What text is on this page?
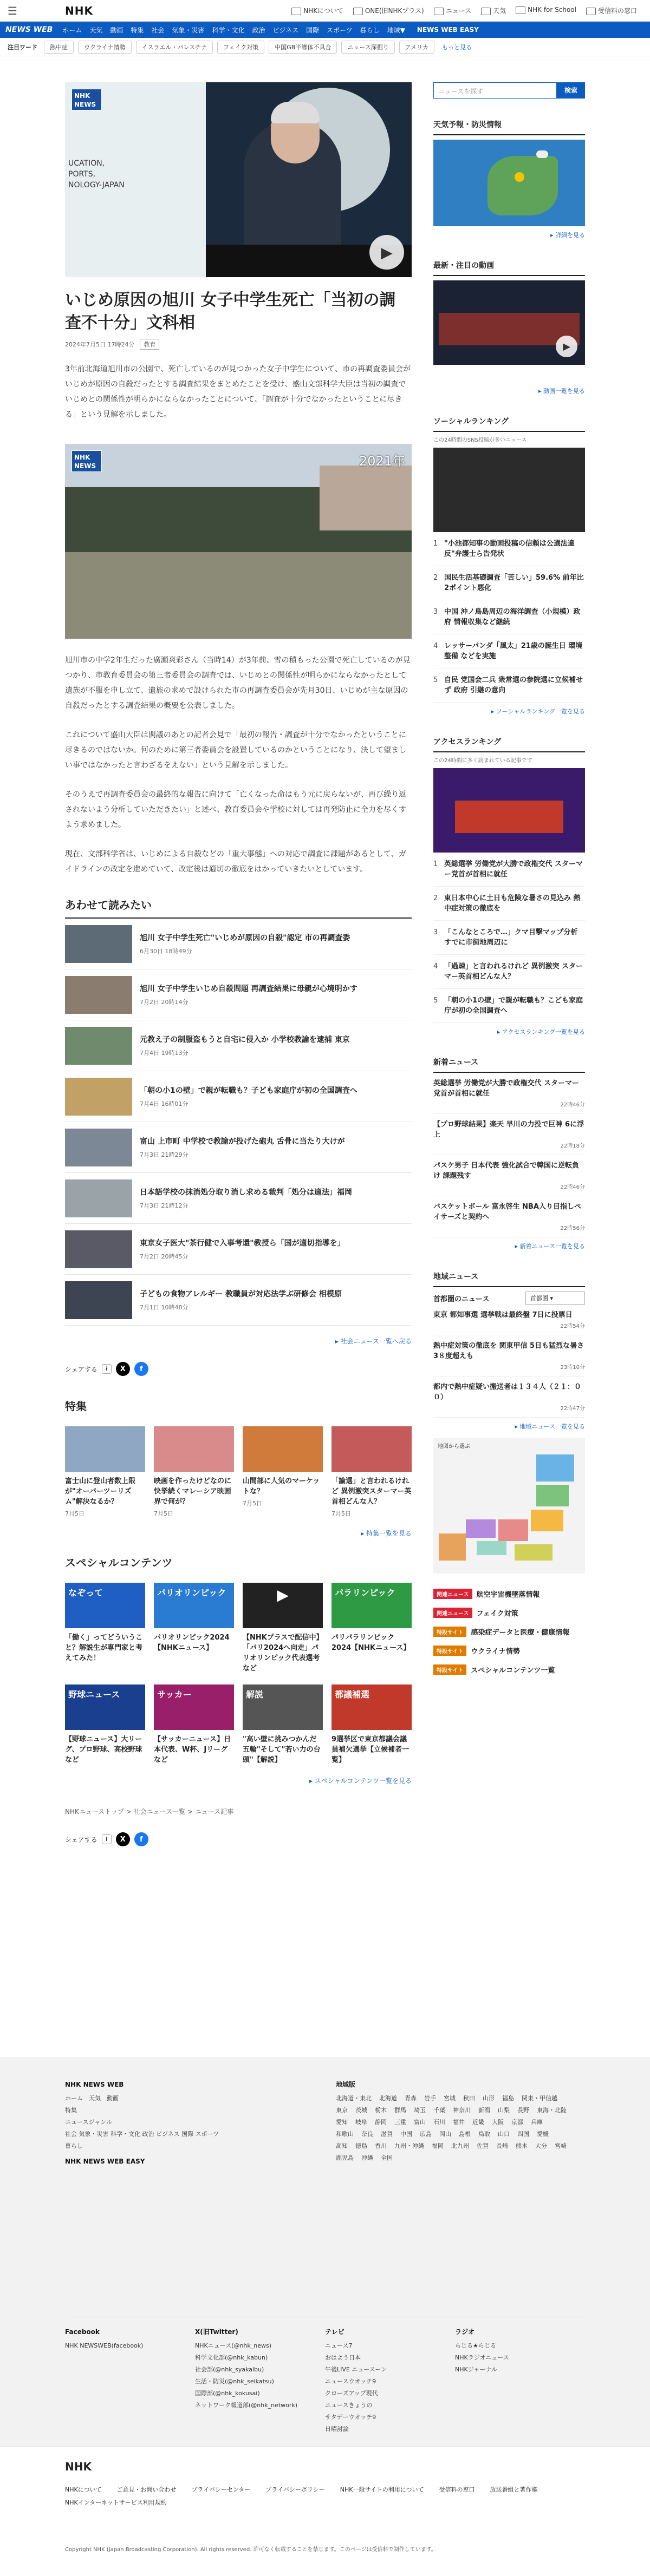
☰	NHK	NHKについて	ONE(旧NHKプラス)	ニュース	天気	NHK for School	受信料の窓口
NEWS WEB ホーム 天気 動画 特集 社会 気象・災害 科学・文化 政治 ビジネス 国際 スポーツ 暮らし 地域▼ NEWS WEB EASY
注目ワード	熱中症	ウクライナ情勢	イスラエル・パレスチナ	フェイク対策	中国GB半導体不具合	ニュース深掘り	アメリカ	もっと見る
UCATION,
PORTS,
NOLOGY-JAPAN
NHK
NEWS
▶
いじめ原因の旭川 女子中学生死亡「当初の調査不十分」文科相
2024年7月5日 17時24分	教育

3年前北海道旭川市の公園で、死亡しているのが見つかった女子中学生について、市の再調査委員会がいじめが原因の自殺だったとする調査結果をまとめたことを受け、盛山文部科学大臣は当初の調査でいじめとの関係性が明らかにならなかったことについて、「調査が十分でなかったということに尽きる」という見解を示しました。

NHK
NEWS	2021年

旭川市の中学2年生だった廣瀬爽彩さん（当時14）が3年前、雪の積もった公園で死亡しているのが見つかり、市教育委員会の第三者委員会の調査では、いじめとの関係性が明らかにならなかったとして遺族が不服を申し立て、遺族の求めで設けられた市の再調査委員会が先月30日、いじめが主な原因の自殺だったとする調査結果の概要を公表しました。

これについて盛山大臣は閣議のあとの記者会見で「最初の報告・調査が十分でなかったということに尽きるのではないか。何のために第三者委員会を設置しているのかということになり、決して望ましい事ではなかったと言わざるをえない」という見解を示しました。

そのうえで再調査委員会の最終的な報告に向けて「亡くなった命はもう元に戻らないが、再び繰り返されないよう分析していただきたい」と述べ、教育委員会や学校に対しては再発防止に全力を尽くすよう求めました。

現在、文部科学省は、いじめによる自殺などの「重大事態」への対応で調査に課題があるとして、ガイドラインの改定を進めていて、改定後は適切の徹底をはかっていきたいとしています。

あわせて読みたい
旭川 女子中学生死亡"いじめが原因の自殺"認定 市の再調査委
6月30日 18時49分
旭川 女子中学生いじめ自殺問題 再調査結果に母親が心境明かす
7月2日 20時14分
元教え子の制服盗もうと自宅に侵入か 小学校教諭を逮捕 東京
7月4日 19時13分
「朝の小1の壁」で親が転職も？子ども家庭庁が初の全国調査へ
7月4日 16時01分
富山 上市町 中学校で教諭が投げた砲丸 舌骨に当たり大けが
7月3日 21時29分
日本語学校の抹消処分取り消し求める裁判「処分は適法」福岡
7月3日 21時12分
東京女子医大"茶行健で入事考還"教授ら「国が適切指導を」
7月2日 20時45分
子どもの食物アレルギー 教職員が対応法学ぶ研修会 相模原
7月1日 10時48分
▸ 社会ニュース一覧へ戻る
シェアする	i	X	f
特集
富士山に登山者数上限が"オーバーツーリズム"解決なるか？
7月5日
映画を作ったけどなのに 快挙続くマレーシア映画界で何が？
7月5日
山間部に人気のマーケットな？
7月5日
「論選」と言われるけれど 異例激突スターマー英首相どんな人？
7月5日
▸ 特集一覧を見る
スペシャルコンテンツ
なぞって
「働く」ってどういうこと？解説生が専門家と考えてみた！
パリオリンピック
パリオリンピック2024【NHKニュース】
▶
【NHKプラスで配信中】「パリ2024へ向走」パリオリンピック代表選考など
パラリンピック
パリパラリンピック2024【NHKニュース】
野球ニュース
【野球ニュース】大リーグ、プロ野球、高校野球など
サッカー
【サッカーニュース】日本代表、W杯、Jリーグなど
解説
"高い壁に挑みつかんだ五輪"そして"若い力の台頭"【解説】
都議補選
9選挙区で東京都議会議員補欠選挙【立候補者一覧】
▸ スペシャルコンテンツ一覧を見る
NHKニューストップ > 社会ニュース一覧 > ニュース記事
シェアする	i	X	f
ニュースを探す	検索
天気予報・防災情報
▸ 詳細を見る
最新・注目の動画
▶
▸ 動画一覧を見る
ソーシャルランキング
この24時間のSNS投稿が多いニュース
1 "小池都知事の動画投稿の信頼は公選法違反"弁護士ら告発状
2 国民生活基礎調査「苦しい」59.6% 前年比2ポイント悪化
3 中国 沖ノ鳥島周辺の海洋調査（小規模）政府 情報収集など継続
4 レッサーパンダ「風太」21歳の誕生日 環境整備 などを実施
5 自民 党国会二兵 衆常選の参院選に立候補せず 政府 引継の意向
▸ ソーシャルランキング一覧を見る
アクセスランキング
この24時間に多く読まれている記事です
1 英総選挙 労働党が大勝で政権交代 スターマー党首が首相に就任
2 東日本中心に土日も危険な暑さの見込み 熱中症対策の徹底を
3 「こんなところで…」クマ目撃マップ分析 すでに市街地周辺に
4 「過疎」と言われるけれど 異例激突 スターマー英首相どんな人？
5 「朝の小1の壁」で親が転職も？こども家庭庁が初の全国調査へ
▸ アクセスランキング一覧を見る
新着ニュース
英総選挙 労働党が大勝で政権交代 スターマー党首が首相に就任
22時46分
【プロ野球結果】楽天 早川の力投で巨神 6に浮上
22時18分
パスケ男子 日本代表 強化試合で韓国に逆転負け 課題残す
22時46分
バスケットボール 富永啓生 NBA入り目指しペイサーズと契約へ
22時56分
▸ 新着ニュース一覧を見る
地域ニュース
首都圏のニュース	首都圏 ▾
東京 都知事選 選挙戦は最終盤 7日に投票日
22時54分
熱中症対策の徹底を 関東甲信 5日も猛烈な暑さ 3８度超えも
23時10分
都内で熱中症疑い搬送者は１３４人（２１：００）
22時47分
▸ 地域ニュース一覧を見る
地図から選ぶ
関連ニュース	航空宇宙機墜落情報
関連ニュース	フェイク対策
特設サイト	感染症データと医療・健康情報
特設サイト	ウクライナ情勢
特設サイト	スペシャルコンテンツ一覧
NHK NEWS WEB
ホーム　 天気　 動画
特集
ニュースジャンル
社会 気象・災害 科学・文化 政治 ビジネス 国際 スポーツ
暮らし

NHK NEWS WEB EASY
地域版
北海道・東北 北海道 青森 岩手 宮城 秋田 山形 福島 関東・甲信越東京 茨城 栃木 群馬 埼玉 千葉 神奈川 新潟 山梨 長野 東海・北陸愛知 岐阜 静岡 三重 富山 石川 福井 近畿 大阪 京都 兵庫和歌山 奈良 滋賀 中国 広島 岡山 島根 鳥取 山口 四国 愛媛高知 徳島 香川 九州・沖縄 福岡 北九州 佐賀 長崎 熊本 大分 宮崎鹿児島 沖縄 全国
Facebook
NHK NEWSWEB(facebook)
X(旧Twitter)
NHKニュース(@nhk_news)
科学文化部(@nhk_kabun)
社会部(@nhk_syakaibu)
生活・防災(@nhk_seikatsu)
国際部(@nhk_kokusai)
ネットワーク報道部(@nhk_network)
テレビ
ニュース7
おはよう日本
午後LIVE ニュースーン
ニュースウオッチ9
クローズアップ現代
ニュースきょうの
サタデーウオッチ9
日曜討論
ラジオ
らじる★らじる
NHKラジオニュース
NHKジャーナル
NHK
NHKについて	ご意見・お問い合わせ	プライバシーセンター	プライバシーポリシー	NHK一般サイトの利用について	受信料の窓口	放送番組と著作権
NHKインターネットサービス利用規約
Copyright NHK (Japan Broadcasting Corporation). All rights reserved. 許可なく転載することを禁じます。このページは受信料で制作しています。
